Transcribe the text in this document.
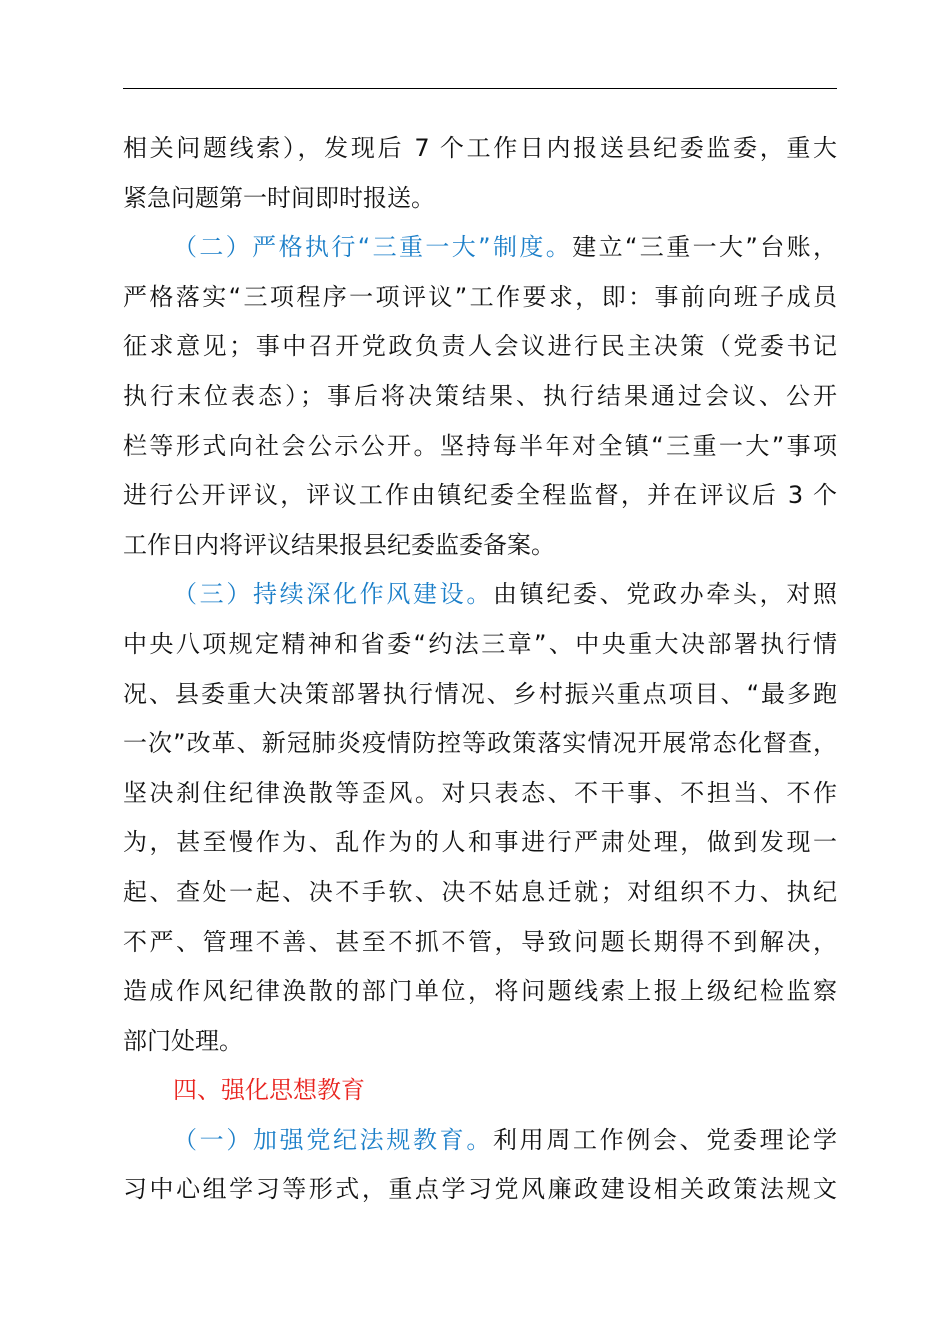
相关问题线索），发现后 7 个工作日内报送县纪委监委，重大
紧急问题第一时间即时报送。
（二）严格执行“三重一大”制度。建立“三重一大”台账，
严格落实“三项程序一项评议”工作要求，即：事前向班子成员
征求意见；事中召开党政负责人会议进行民主决策（党委书记
执行末位表态）；事后将决策结果、执行结果通过会议、公开
栏等形式向社会公示公开。坚持每半年对全镇“三重一大”事项
进行公开评议，评议工作由镇纪委全程监督，并在评议后 3 个
工作日内将评议结果报县纪委监委备案。
（三）持续深化作风建设。由镇纪委、党政办牵头，对照
中央八项规定精神和省委“约法三章”、中央重大决部署执行情
况、县委重大决策部署执行情况、乡村振兴重点项目、“最多跑
一次”改革、新冠肺炎疫情防控等政策落实情况开展常态化督查，
坚决刹住纪律涣散等歪风。对只表态、不干事、不担当、不作
为，甚至慢作为、乱作为的人和事进行严肃处理，做到发现一
起、查处一起、决不手软、决不姑息迁就；对组织不力、执纪
不严、管理不善、甚至不抓不管，导致问题长期得不到解决，
造成作风纪律涣散的部门单位，将问题线索上报上级纪检监察
部门处理。
四、强化思想教育
（一）加强党纪法规教育。利用周工作例会、党委理论学
习中心组学习等形式，重点学习党风廉政建设相关政策法规文
